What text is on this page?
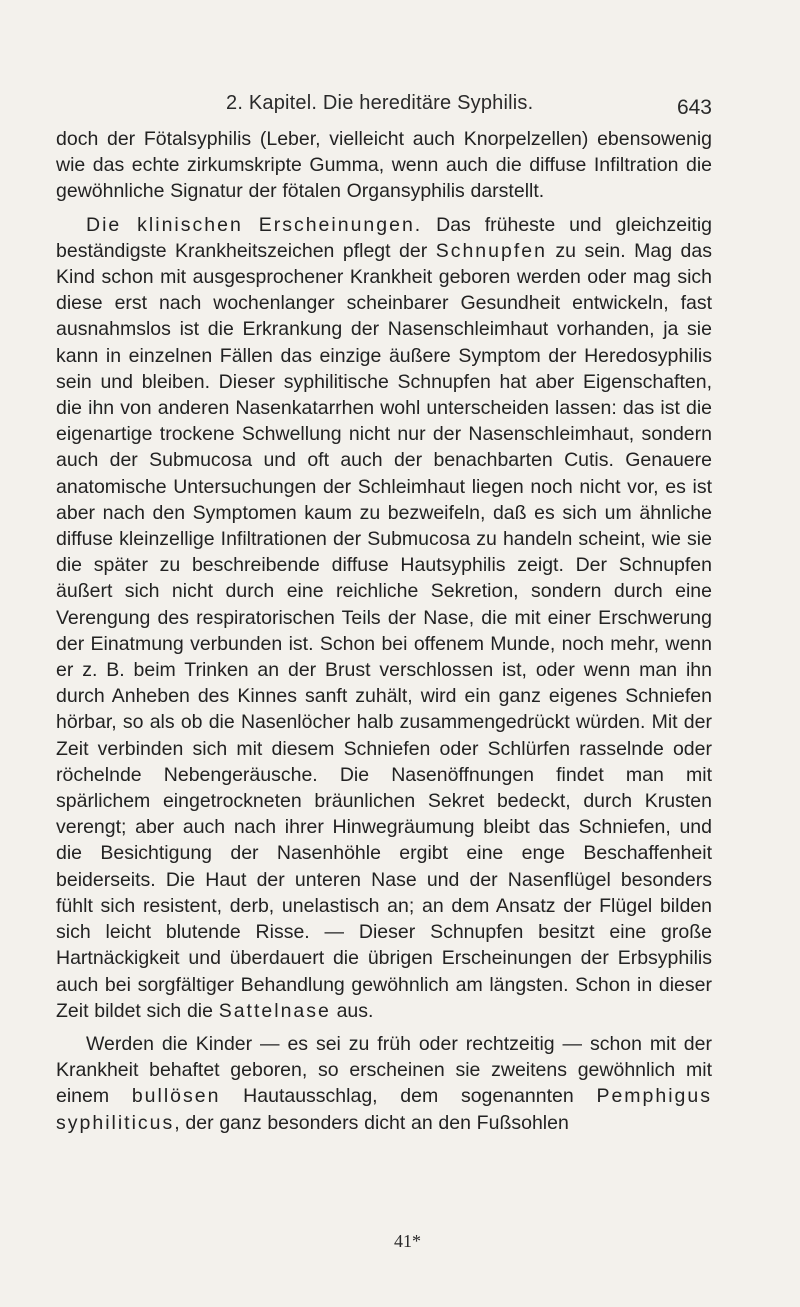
2. Kapitel. Die hereditäre Syphilis.	643

doch der Fötalsyphilis (Leber, vielleicht auch Knorpelzellen) ebensowenig wie das echte zirkumskripte Gumma, wenn auch die diffuse Infiltration die gewöhnliche Signatur der fötalen Organsyphilis darstellt.

Die klinischen Erscheinungen. Das früheste und gleichzeitig beständigste Krankheitszeichen pflegt der Schnupfen zu sein. Mag das Kind schon mit ausgesprochener Krankheit geboren werden oder mag sich diese erst nach wochenlanger scheinbarer Gesundheit entwickeln, fast ausnahmslos ist die Erkrankung der Nasenschleimhaut vorhanden, ja sie kann in einzelnen Fällen das einzige äußere Symptom der Heredosyphilis sein und bleiben. Dieser syphilitische Schnupfen hat aber Eigenschaften, die ihn von anderen Nasenkatarrhen wohl unterscheiden lassen: das ist die eigenartige trockene Schwellung nicht nur der Nasenschleimhaut, sondern auch der Submucosa und oft auch der benachbarten Cutis. Genauere anatomische Untersuchungen der Schleimhaut liegen noch nicht vor, es ist aber nach den Symptomen kaum zu bezweifeln, daß es sich um ähnliche diffuse kleinzellige Infiltrationen der Submucosa zu handeln scheint, wie sie die später zu beschreibende diffuse Hautsyphilis zeigt. Der Schnupfen äußert sich nicht durch eine reichliche Sekretion, sondern durch eine Verengung des respiratorischen Teils der Nase, die mit einer Erschwerung der Einatmung verbunden ist. Schon bei offenem Munde, noch mehr, wenn er z. B. beim Trinken an der Brust verschlossen ist, oder wenn man ihn durch Anheben des Kinnes sanft zuhält, wird ein ganz eigenes Schniefen hörbar, so als ob die Nasenlöcher halb zusammengedrückt würden. Mit der Zeit verbinden sich mit diesem Schniefen oder Schlürfen rasselnde oder röchelnde Nebengeräusche. Die Nasenöffnungen findet man mit spärlichem eingetrockneten bräunlichen Sekret bedeckt, durch Krusten verengt; aber auch nach ihrer Hinwegräumung bleibt das Schniefen, und die Besichtigung der Nasenhöhle ergibt eine enge Beschaffenheit beiderseits. Die Haut der unteren Nase und der Nasenflügel besonders fühlt sich resistent, derb, unelastisch an; an dem Ansatz der Flügel bilden sich leicht blutende Risse. — Dieser Schnupfen besitzt eine große Hartnäckigkeit und überdauert die übrigen Erscheinungen der Erbsyphilis auch bei sorgfältiger Behandlung gewöhnlich am längsten. Schon in dieser Zeit bildet sich die Sattelnase aus.

Werden die Kinder — es sei zu früh oder rechtzeitig — schon mit der Krankheit behaftet geboren, so erscheinen sie zweitens gewöhnlich mit einem bullösen Hautausschlag, dem sogenannten Pemphigus syphiliticus, der ganz besonders dicht an den Fußsohlen

41*
